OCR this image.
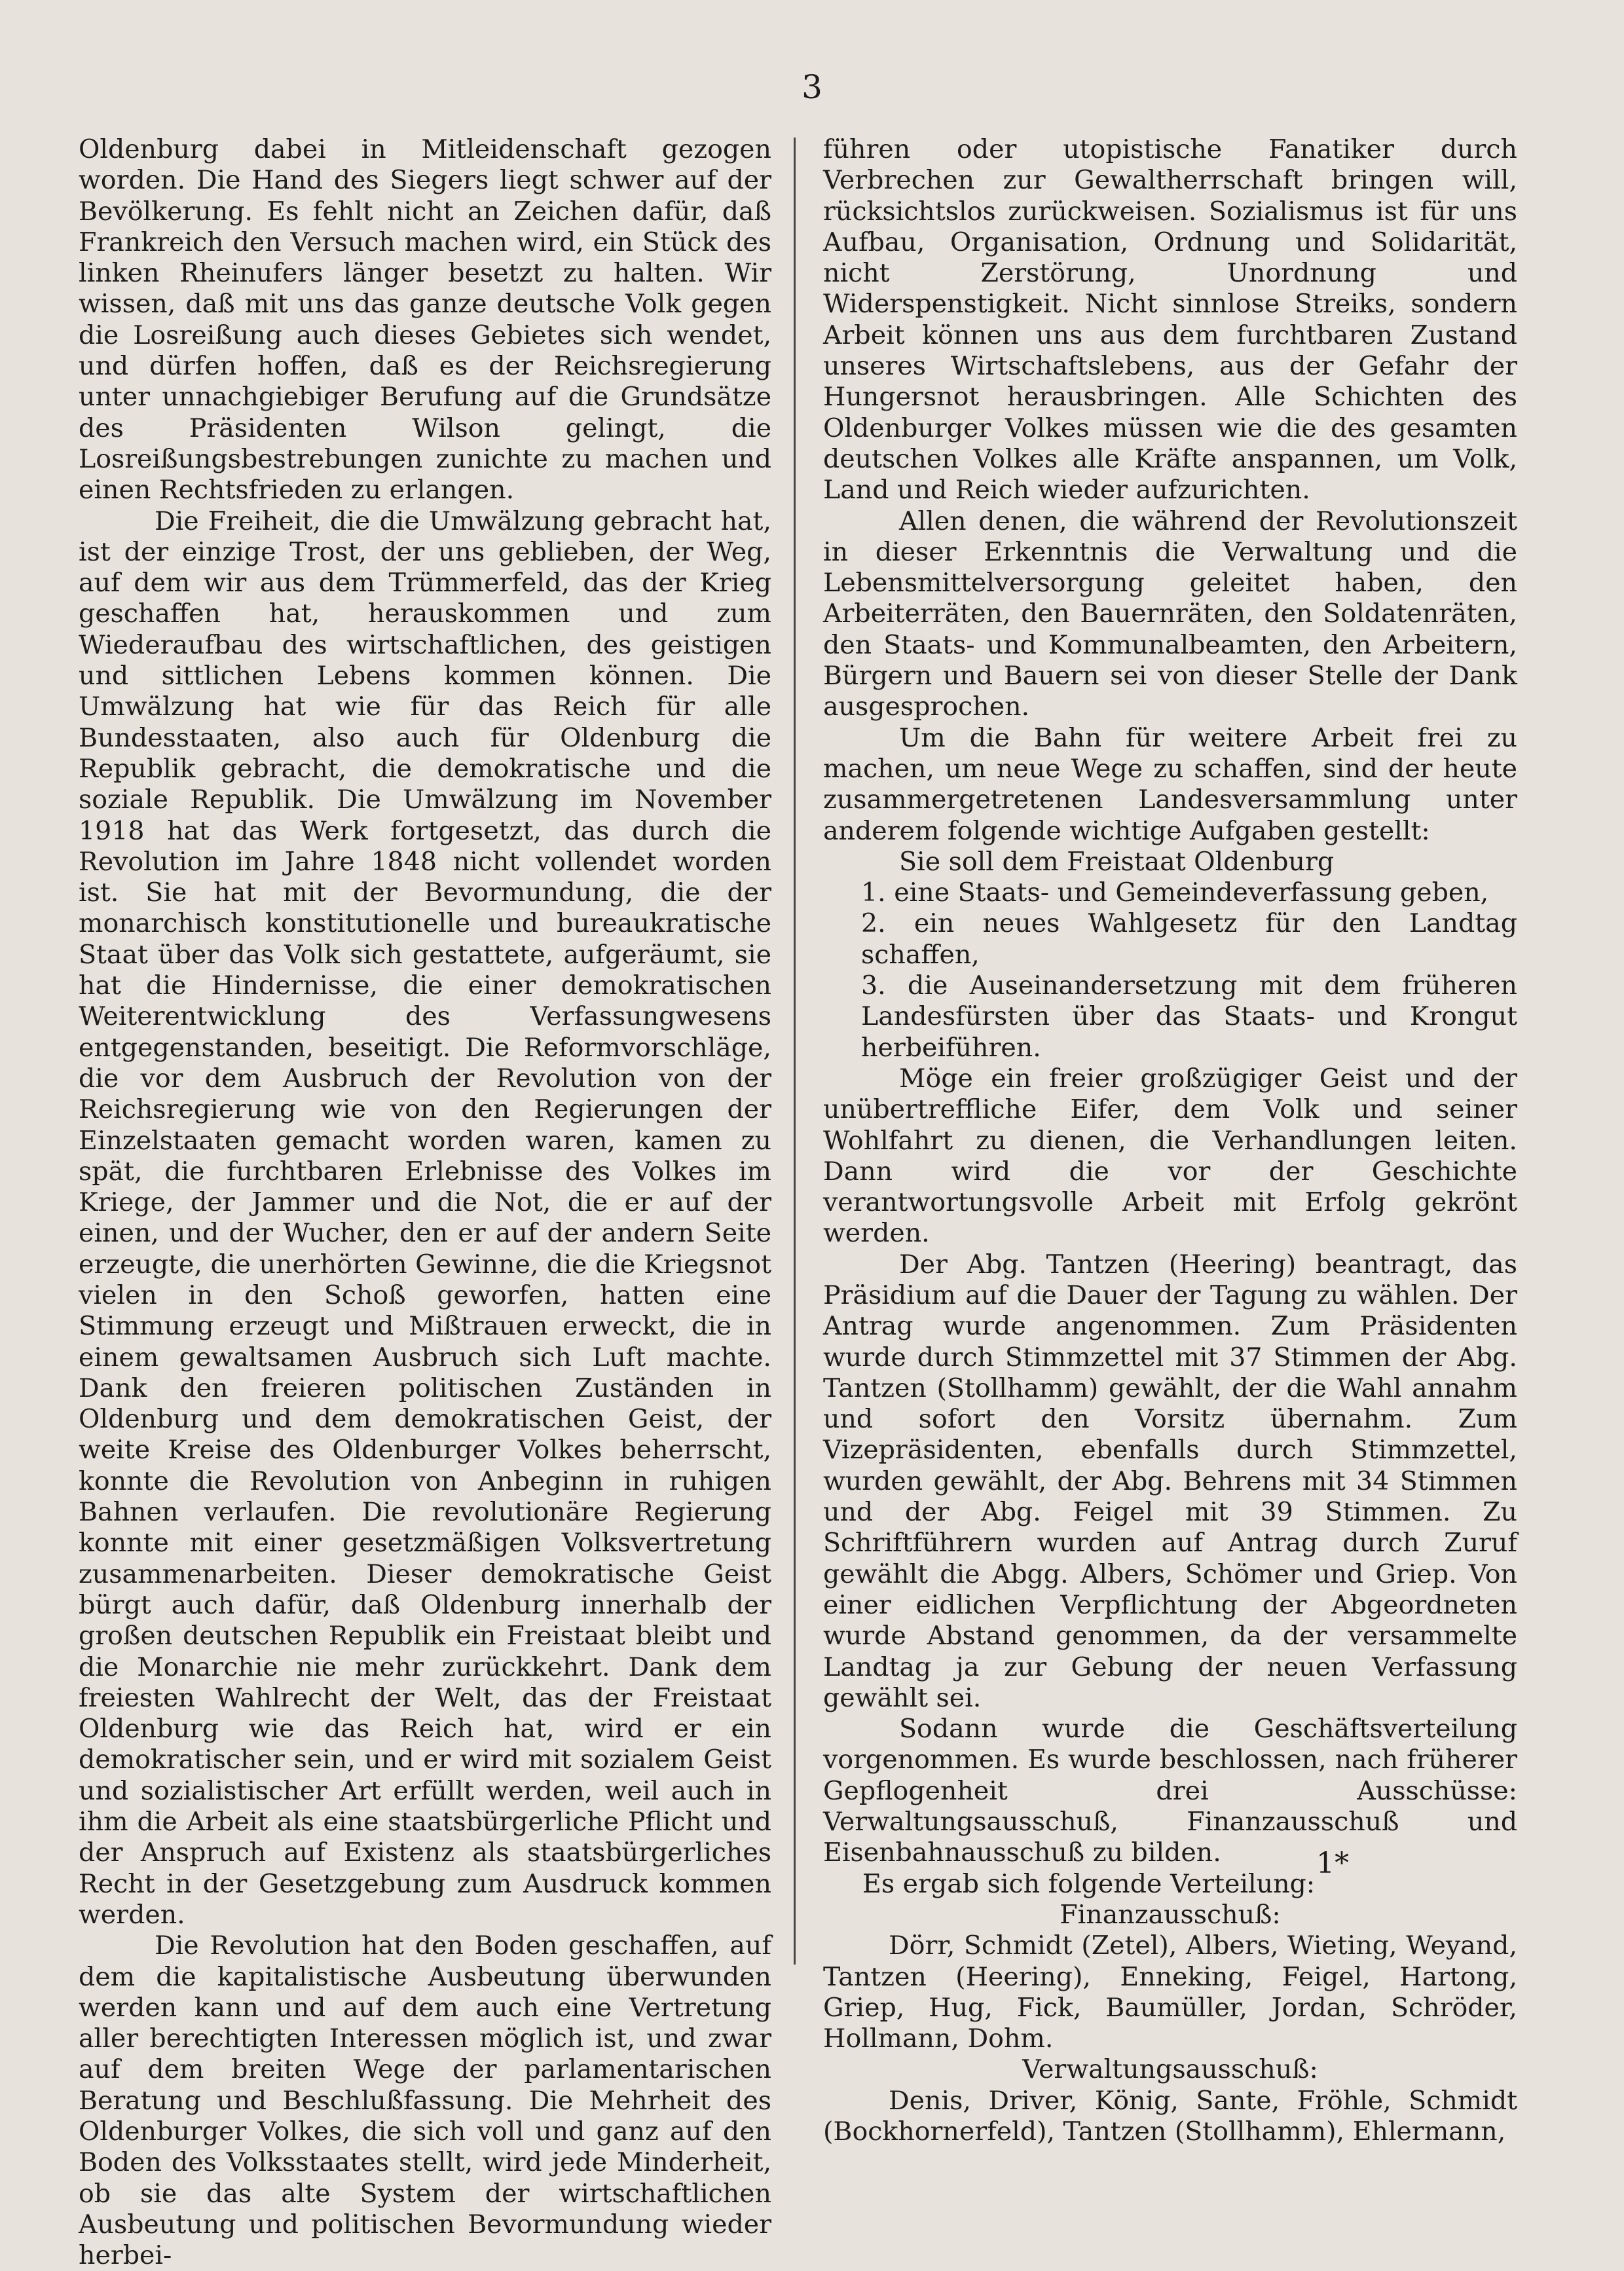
3

Oldenburg dabei in Mitleidenschaft gezogen worden. Die Hand des Siegers liegt schwer auf der Bevölkerung. Es fehlt nicht an Zeichen dafür, daß Frankreich den Versuch machen wird, ein Stück des linken Rheinufers länger besetzt zu halten. Wir wissen, daß mit uns das ganze deutsche Volk gegen die Losreißung auch dieses Gebietes sich wendet, und dürfen hoffen, daß es der Reichsregierung unter unnachgiebiger Berufung auf die Grundsätze des Präsidenten Wilson gelingt, die Losreißungsbestrebungen zunichte zu machen und einen Rechtsfrieden zu erlangen.

Die Freiheit, die die Umwälzung gebracht hat, ist der einzige Trost, der uns geblieben, der Weg, auf dem wir aus dem Trümmerfeld, das der Krieg geschaffen hat, herauskommen und zum Wiederaufbau des wirtschaftlichen, des geistigen und sittlichen Lebens kommen können. Die Umwälzung hat wie für das Reich für alle Bundesstaaten, also auch für Oldenburg die Republik gebracht, die demokratische und die soziale Republik. Die Umwälzung im November 1918 hat das Werk fortgesetzt, das durch die Revolution im Jahre 1848 nicht vollendet worden ist. Sie hat mit der Bevormundung, die der monarchisch konstitutionelle und bureaukratische Staat über das Volk sich gestattete, aufgeräumt, sie hat die Hindernisse, die einer demokratischen Weiterentwicklung des Verfassungwesens entgegenstanden, beseitigt. Die Reformvorschläge, die vor dem Ausbruch der Revolution von der Reichsregierung wie von den Regierungen der Einzelstaaten gemacht worden waren, kamen zu spät, die furchtbaren Erlebnisse des Volkes im Kriege, der Jammer und die Not, die er auf der einen, und der Wucher, den er auf der andern Seite erzeugte, die unerhörten Gewinne, die die Kriegsnot vielen in den Schoß geworfen, hatten eine Stimmung erzeugt und Mißtrauen erweckt, die in einem gewaltsamen Ausbruch sich Luft machte. Dank den freieren politischen Zuständen in Oldenburg und dem demokratischen Geist, der weite Kreise des Oldenburger Volkes beherrscht, konnte die Revolution von Anbeginn in ruhigen Bahnen verlaufen. Die revolutionäre Regierung konnte mit einer gesetzmäßigen Volksvertretung zusammenarbeiten. Dieser demokratische Geist bürgt auch dafür, daß Oldenburg innerhalb der großen deutschen Republik ein Freistaat bleibt und die Monarchie nie mehr zurückkehrt. Dank dem freiesten Wahlrecht der Welt, das der Freistaat Oldenburg wie das Reich hat, wird er ein demokratischer sein, und er wird mit sozialem Geist und sozialistischer Art erfüllt werden, weil auch in ihm die Arbeit als eine staatsbürgerliche Pflicht und der Anspruch auf Existenz als staatsbürgerliches Recht in der Gesetzgebung zum Ausdruck kommen werden.

Die Revolution hat den Boden geschaffen, auf dem die kapitalistische Ausbeutung überwunden werden kann und auf dem auch eine Vertretung aller berechtigten Interessen möglich ist, und zwar auf dem breiten Wege der parlamentarischen Beratung und Beschlußfassung. Die Mehrheit des Oldenburger Volkes, die sich voll und ganz auf den Boden des Volksstaates stellt, wird jede Minderheit, ob sie das alte System der wirtschaftlichen Ausbeutung und politischen Bevormundung wieder herbei-

führen oder utopistische Fanatiker durch Verbrechen zur Gewaltherrschaft bringen will, rücksichtslos zurückweisen. Sozialismus ist für uns Aufbau, Organisation, Ordnung und Solidarität, nicht Zerstörung, Unordnung und Widerspenstigkeit. Nicht sinnlose Streiks, sondern Arbeit können uns aus dem furchtbaren Zustand unseres Wirtschaftslebens, aus der Gefahr der Hungersnot herausbringen. Alle Schichten des Oldenburger Volkes müssen wie die des gesamten deutschen Volkes alle Kräfte anspannen, um Volk, Land und Reich wieder aufzurichten.

Allen denen, die während der Revolutionszeit in dieser Erkenntnis die Verwaltung und die Lebensmittelversorgung geleitet haben, den Arbeiterräten, den Bauernräten, den Soldatenräten, den Staats- und Kommunalbeamten, den Arbeitern, Bürgern und Bauern sei von dieser Stelle der Dank ausgesprochen.

Um die Bahn für weitere Arbeit frei zu machen, um neue Wege zu schaffen, sind der heute zusammergetretenen Landesversammlung unter anderem folgende wichtige Aufgaben gestellt:

Sie soll dem Freistaat Oldenburg

1. eine Staats- und Gemeindeverfassung geben,
2. ein neues Wahlgesetz für den Landtag schaffen,
3. die Auseinandersetzung mit dem früheren Landesfürsten über das Staats- und Krongut herbeiführen.

Möge ein freier großzügiger Geist und der unübertreffliche Eifer, dem Volk und seiner Wohlfahrt zu dienen, die Verhandlungen leiten. Dann wird die vor der Geschichte verantwortungsvolle Arbeit mit Erfolg gekrönt werden.

Der Abg. Tantzen (Heering) beantragt, das Präsidium auf die Dauer der Tagung zu wählen. Der Antrag wurde angenommen. Zum Präsidenten wurde durch Stimmzettel mit 37 Stimmen der Abg. Tantzen (Stollhamm) gewählt, der die Wahl annahm und sofort den Vorsitz übernahm. Zum Vizepräsidenten, ebenfalls durch Stimmzettel, wurden gewählt, der Abg. Behrens mit 34 Stimmen und der Abg. Feigel mit 39 Stimmen. Zu Schriftführern wurden auf Antrag durch Zuruf gewählt die Abgg. Albers, Schömer und Griep. Von einer eidlichen Verpflichtung der Abgeordneten wurde Abstand genommen, da der versammelte Landtag ja zur Gebung der neuen Verfassung gewählt sei.

Sodann wurde die Geschäftsverteilung vorgenommen. Es wurde beschlossen, nach früherer Gepflogenheit drei Ausschüsse: Verwaltungsausschuß, Finanzausschuß und Eisenbahnausschuß zu bilden.

Es ergab sich folgende Verteilung:

Finanzausschuß:

Dörr, Schmidt (Zetel), Albers, Wieting, Weyand, Tantzen (Heering), Enneking, Feigel, Hartong, Griep, Hug, Fick, Baumüller, Jordan, Schröder, Hollmann, Dohm.

Verwaltungsausschuß:

Denis, Driver, König, Sante, Fröhle, Schmidt (Bockhornerfeld), Tantzen (Stollhamm), Ehlermann,

1*
